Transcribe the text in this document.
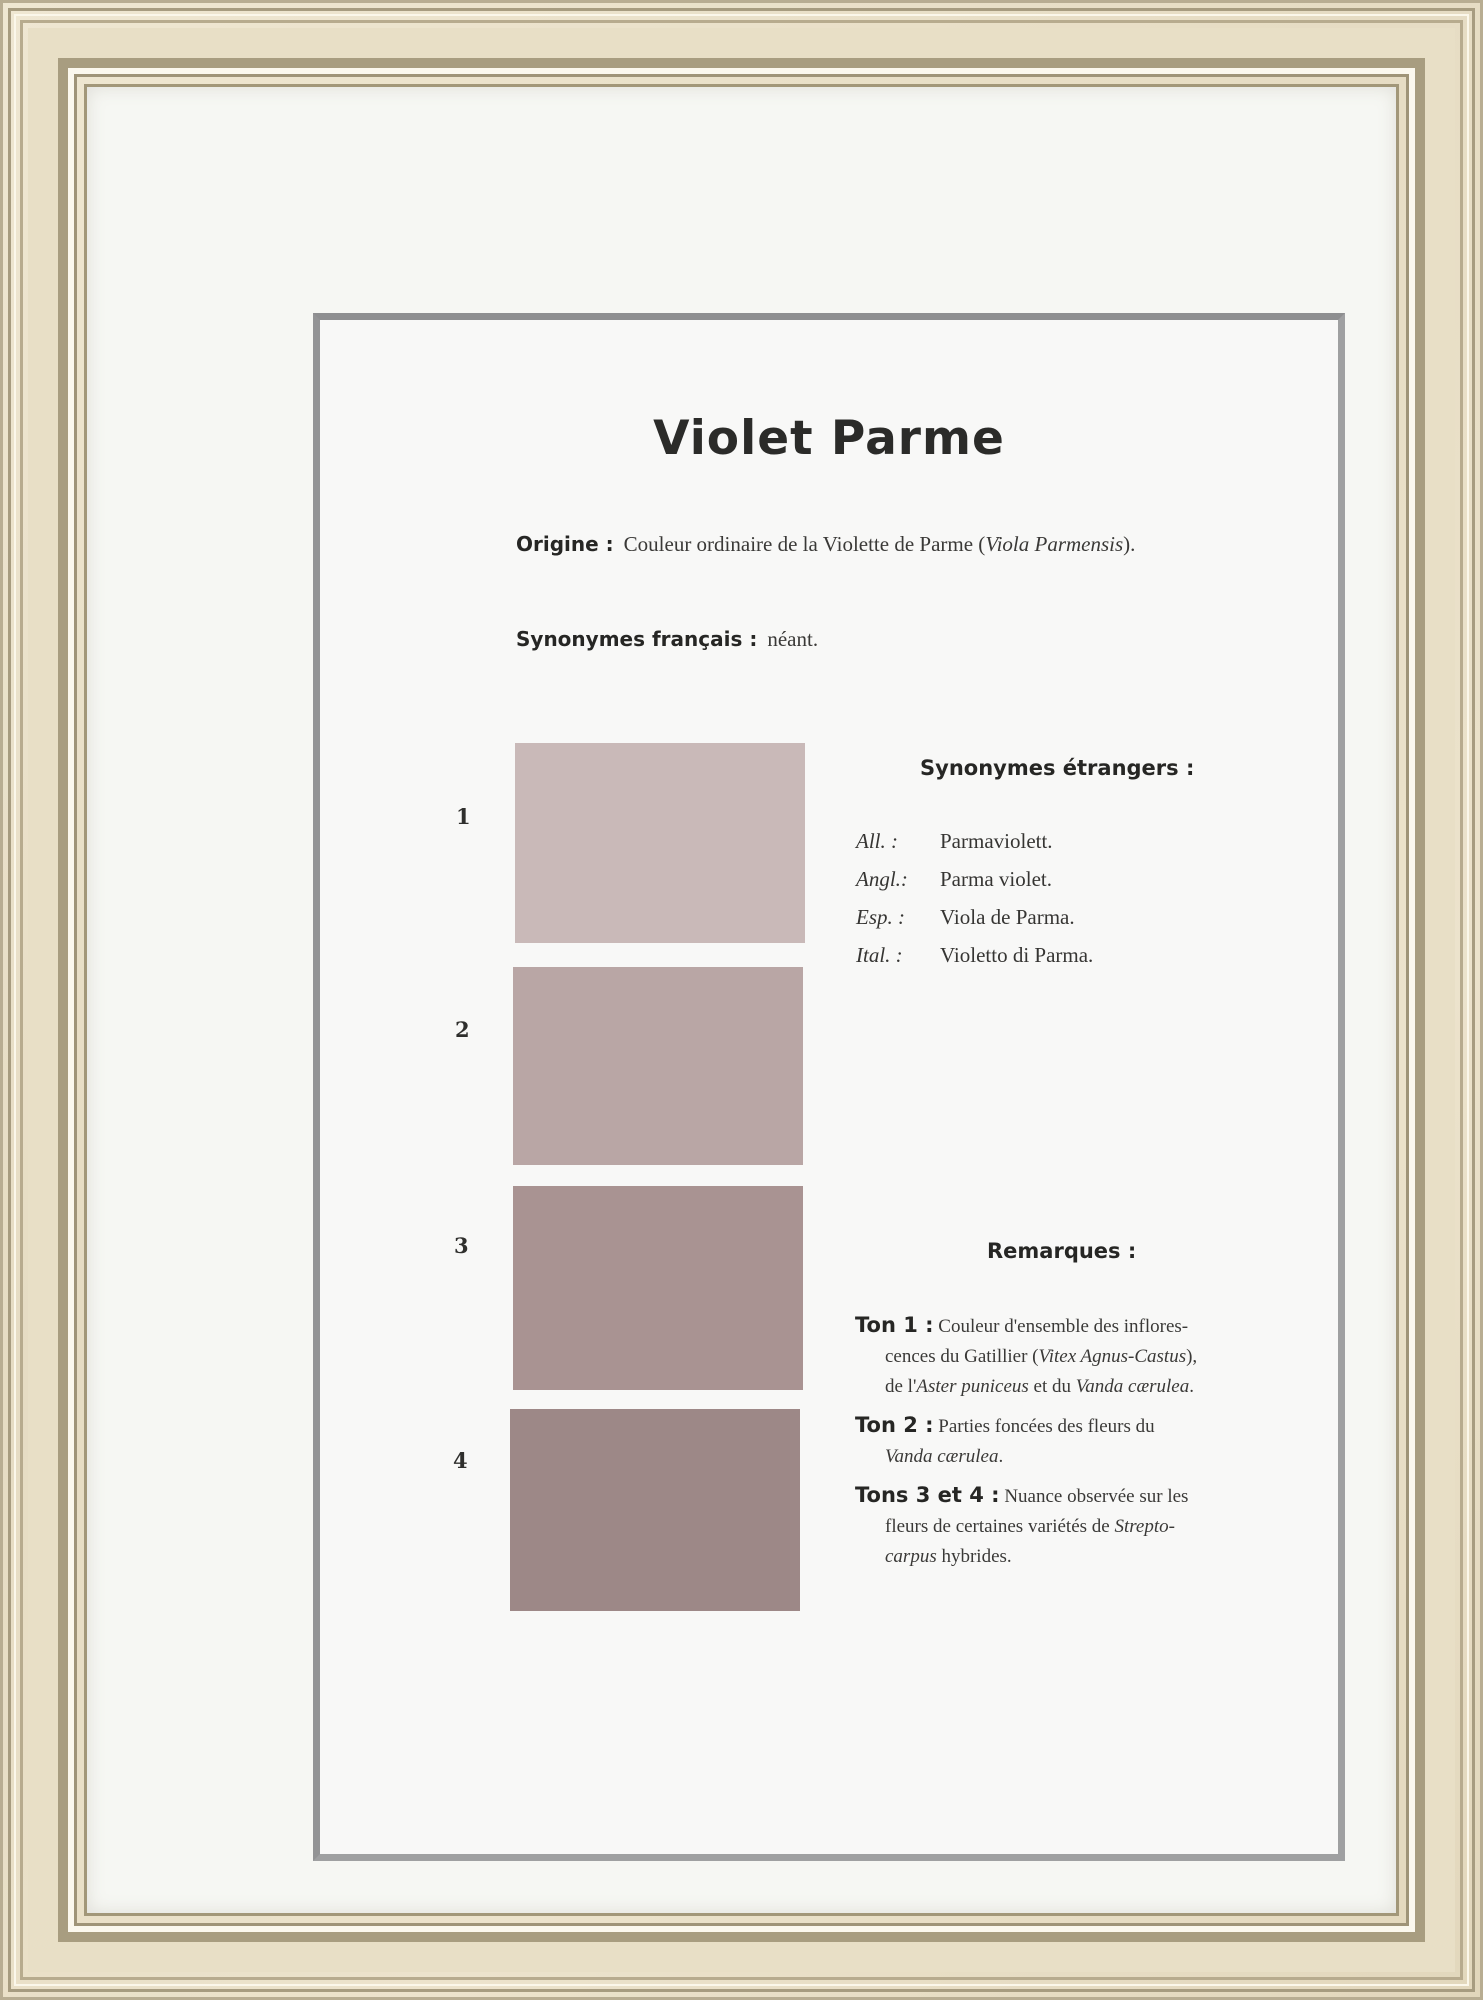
Violet Parme
Origine : Couleur ordinaire de la Violette de Parme (Viola Parmensis).
Synonymes français : néant.
1
2
3
4
Synonymes étrangers :
All. : Parmaviolett.
Angl.: Parma violet.
Esp. : Viola de Parma.
Ital. : Violetto di Parma.
Remarques :
Ton 1 : Couleur d'ensemble des inflores-
cences du Gatillier (Vitex Agnus-Castus),
de l'Aster puniceus et du Vanda cærulea.
Ton 2 : Parties foncées des fleurs du
Vanda cærulea.
Tons 3 et 4 : Nuance observée sur les
fleurs de certaines variétés de Strepto-
carpus hybrides.
